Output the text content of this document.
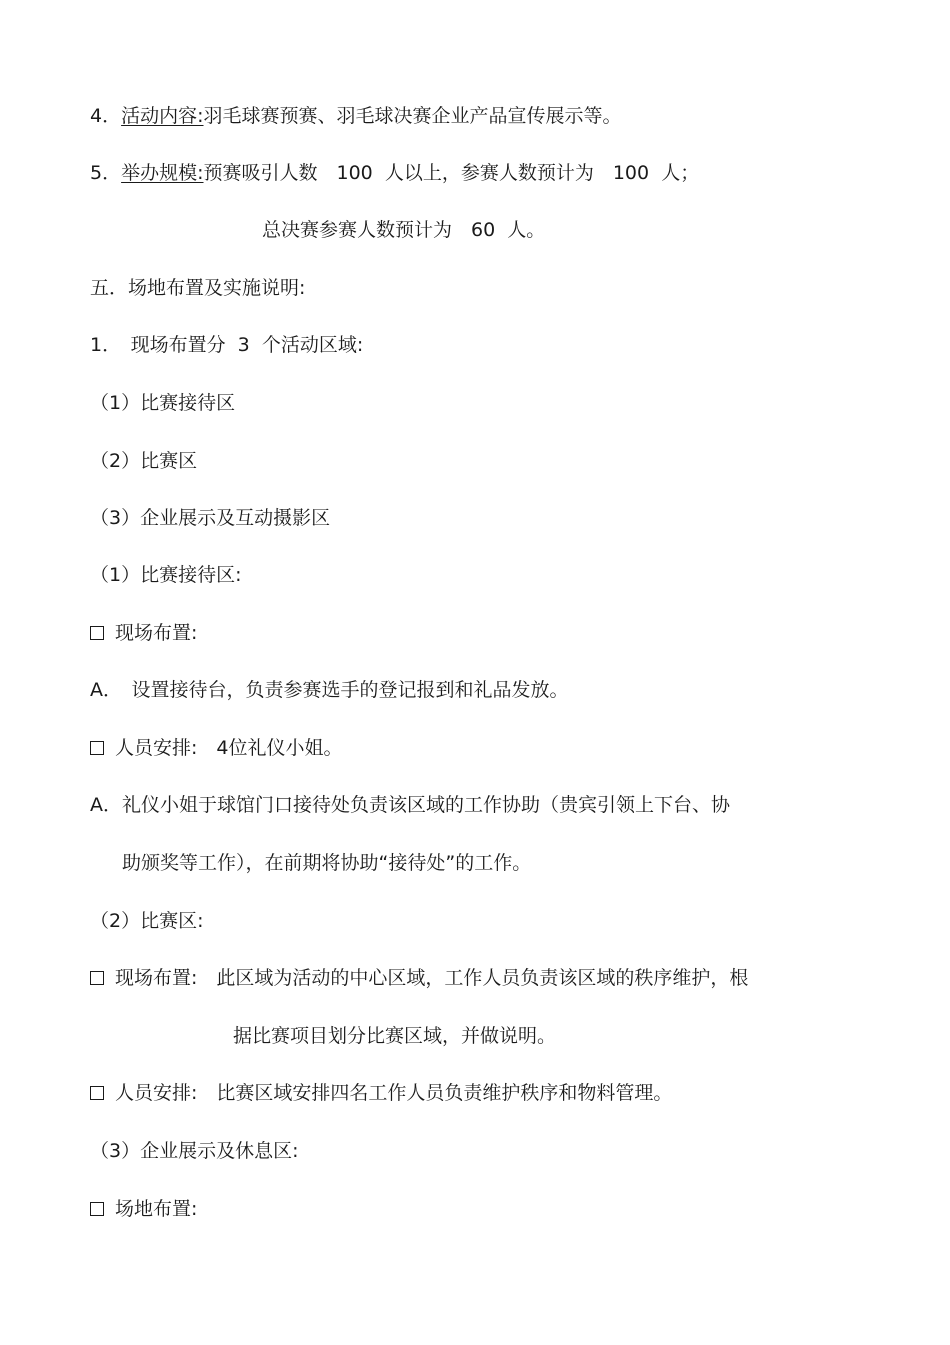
4．活动内容:羽毛球赛预赛、羽毛球决赛企业产品宣传展示等。
5．举办规模:预赛吸引人数　100  人以上，参赛人数预计为　100  人；
总决赛参赛人数预计为　60  人。
五．场地布置及实施说明:
1．　现场布置分  3  个活动区域:
（1）比赛接待区
（2）比赛区
（3）企业展示及互动摄影区
（1）比赛接待区:
现场布置:
A．　设置接待台，负责参赛选手的登记报到和礼品发放。
人员安排:　4位礼仪小姐。
A．礼仪小姐于球馆门口接待处负责该区域的工作协助（贵宾引领上下台、协
助颁奖等工作），在前期将协助“接待处”的工作。
（2）比赛区:
现场布置:　此区域为活动的中心区域，工作人员负责该区域的秩序维护，根
据比赛项目划分比赛区域，并做说明。
人员安排:　比赛区域安排四名工作人员负责维护秩序和物料管理。
（3）企业展示及休息区:
场地布置:
